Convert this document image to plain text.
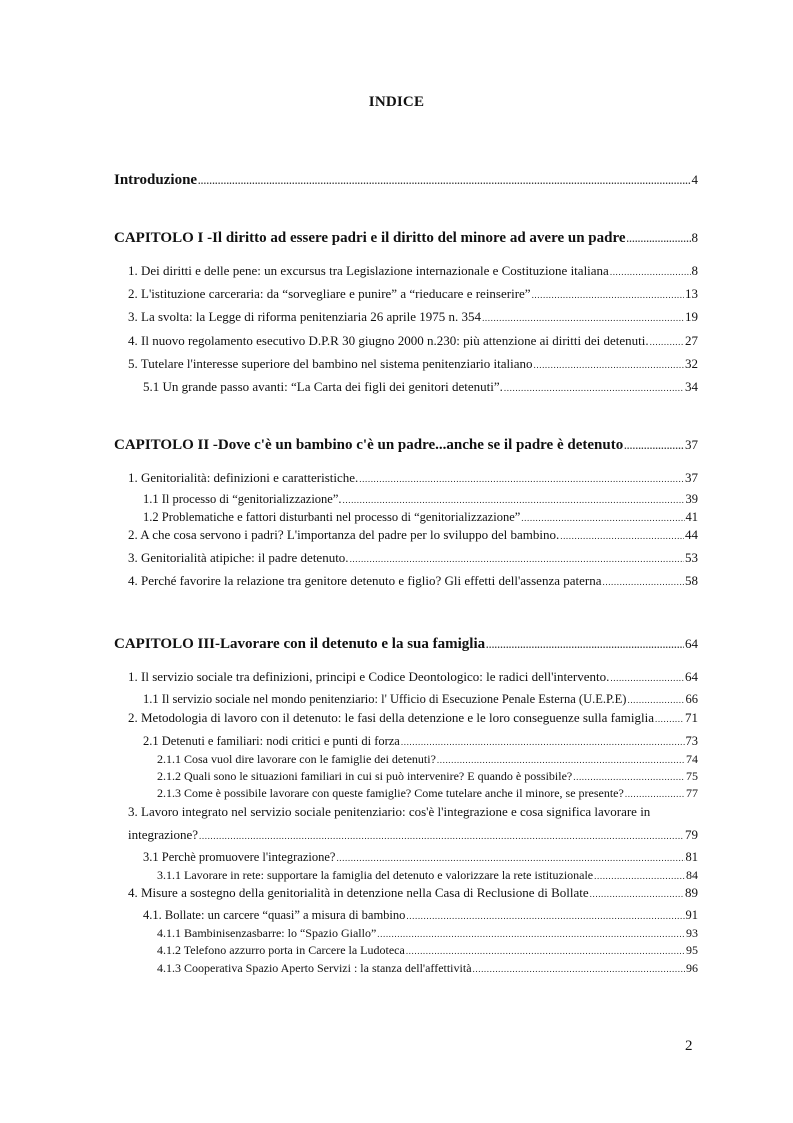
INDICE
Introduzione .....	4
CAPITOLO I -Il diritto ad essere padri e il diritto del minore ad avere un padre .....	8
1. Dei diritti e delle pene: un excursus tra Legislazione internazionale e Costituzione italiana .....	8
2. L'istituzione carceraria: da “sorvegliare e punire” a “rieducare e reinserire” .....	13
3. La svolta: la Legge di riforma penitenziaria 26 aprile 1975 n. 354 .....	19
4. Il nuovo regolamento esecutivo D.P.R 30 giugno 2000 n.230: più attenzione ai diritti dei detenuti. .....	27
5. Tutelare l'interesse superiore del bambino nel sistema penitenziario italiano .....	32
5.1 Un grande passo avanti: “La Carta dei figli dei genitori detenuti”. .....	34
CAPITOLO II -Dove c'è un bambino c'è un padre...anche se il padre è detenuto .....	37
1. Genitorialità: definizioni e caratteristiche. .....	37
1.1 Il processo di “genitorializzazione”. .....	39
1.2 Problematiche e fattori disturbanti nel processo di “genitorializzazione” .....	41
2. A che cosa servono i padri? L'importanza del padre per lo sviluppo del bambino. .....	44
3. Genitorialità atipiche: il padre detenuto. .....	53
4. Perché favorire la relazione tra genitore detenuto e figlio? Gli effetti dell'assenza paterna .....	58
CAPITOLO III-Lavorare con il detenuto e la sua famiglia .....	64
1. Il servizio sociale tra definizioni, principi e Codice Deontologico: le radici dell'intervento. .....	64
1.1 Il servizio sociale nel mondo penitenziario: l' Ufficio di Esecuzione Penale Esterna (U.E.P.E) .....	66
2. Metodologia di lavoro con il detenuto: le fasi della detenzione e le loro conseguenze sulla famiglia ..... 71
2.1 Detenuti e familiari: nodi critici e punti di forza .....	73
2.1.1 Cosa vuol dire lavorare con le famiglie dei detenuti? .....	74
2.1.2 Quali sono le situazioni familiari in cui si può intervenire? E quando è possibile? .....	75
2.1.3 Come è possibile lavorare con queste famiglie? Come tutelare anche il minore, se presente? .....	77
3. Lavoro integrato nel servizio sociale penitenziario: cos'è l'integrazione e cosa significa lavorare in
integrazione? .....	79
3.1 Perchè promuovere l'integrazione? .....	81
3.1.1 Lavorare in rete: supportare la famiglia del detenuto e valorizzare la rete istituzionale .....	84
4. Misure a sostegno della genitorialità in detenzione nella Casa di Reclusione di Bollate .....	89
4.1. Bollate: un carcere “quasi” a misura di bambino .....	91
4.1.1 Bambinisenzasbarre: lo “Spazio Giallo” .....	93
4.1.2 Telefono azzurro porta in Carcere la Ludoteca .....	95
4.1.3 Cooperativa Spazio Aperto Servizi : la stanza dell'affettività .....	96
2
